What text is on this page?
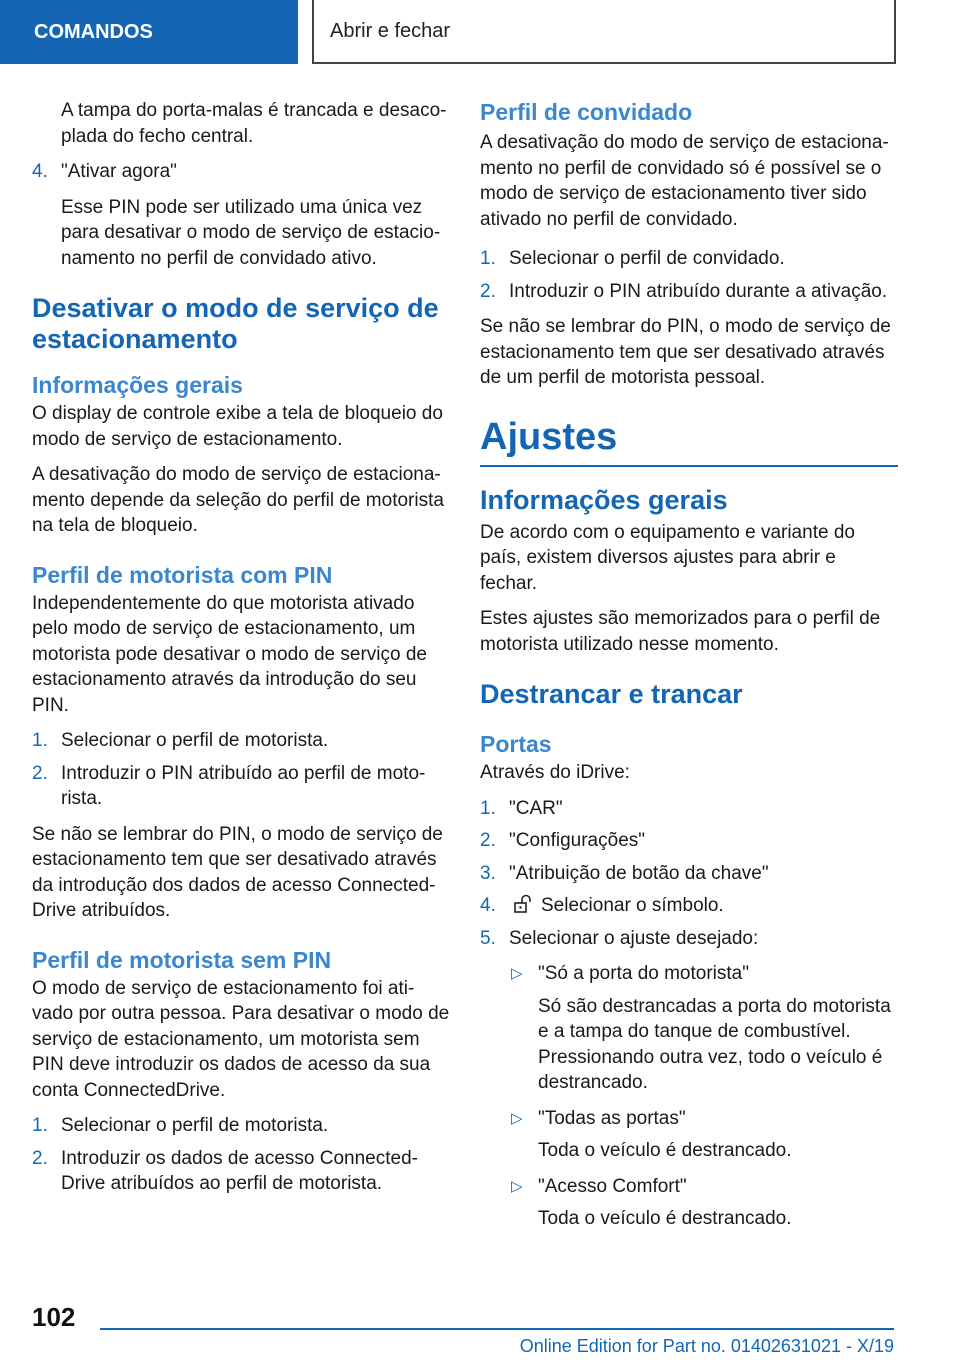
COMANDOS	Abrir e fechar

A tampa do porta-malas é trancada e desaco- plada do fecho central.

4. "Ativar agora"

Esse PIN pode ser utilizado uma única vez para desativar o modo de serviço de estacio- namento no perfil de convidado ativo.

Desativar o modo de serviço de estacionamento
Informações gerais

O display de controle exibe a tela de bloqueio do modo de serviço de estacionamento.

A desativação do modo de serviço de estaciona- mento depende da seleção do perfil de motorista na tela de bloqueio.

Perfil de motorista com PIN

Independentemente do que motorista ativado pelo modo de serviço de estacionamento, um motorista pode desativar o modo de serviço de estacionamento através da introdução do seu PIN.

1. Selecionar o perfil de motorista.
2. Introduzir o PIN atribuído ao perfil de moto- rista.

Se não se lembrar do PIN, o modo de serviço de estacionamento tem que ser desativado através da introdução dos dados de acesso Connected- Drive atribuídos.

Perfil de motorista sem PIN

O modo de serviço de estacionamento foi ati- vado por outra pessoa. Para desativar o modo de serviço de estacionamento, um motorista sem PIN deve introduzir os dados de acesso da sua conta ConnectedDrive.

1. Selecionar o perfil de motorista.
2. Introduzir os dados de acesso Connected- Drive atribuídos ao perfil de motorista.
Perfil de convidado

A desativação do modo de serviço de estaciona- mento no perfil de convidado só é possível se o modo de serviço de estacionamento tiver sido ativado no perfil de convidado.

1. Selecionar o perfil de convidado.
2. Introduzir o PIN atribuído durante a ativação.

Se não se lembrar do PIN, o modo de serviço de estacionamento tem que ser desativado através de um perfil de motorista pessoal.

Ajustes
Informações gerais

De acordo com o equipamento e variante do país, existem diversos ajustes para abrir e fechar.

Estes ajustes são memorizados para o perfil de motorista utilizado nesse momento.

Destrancar e trancar
Portas

Através do iDrive:

1. "CAR"
2. "Configurações"
3. "Atribuição de botão da chave"
4. Selecionar o símbolo.
5. Selecionar o ajuste desejado:
▷ "Só a porta do motorista"

Só são destrancadas a porta do motorista e a tampa do tanque de combustível. Pressionando outra vez, todo o veículo é destrancado.

▷ "Todas as portas"

Toda o veículo é destrancado.

▷ "Acesso Comfort"

Toda o veículo é destrancado.

102
Online Edition for Part no. 01402631021 - X/19
